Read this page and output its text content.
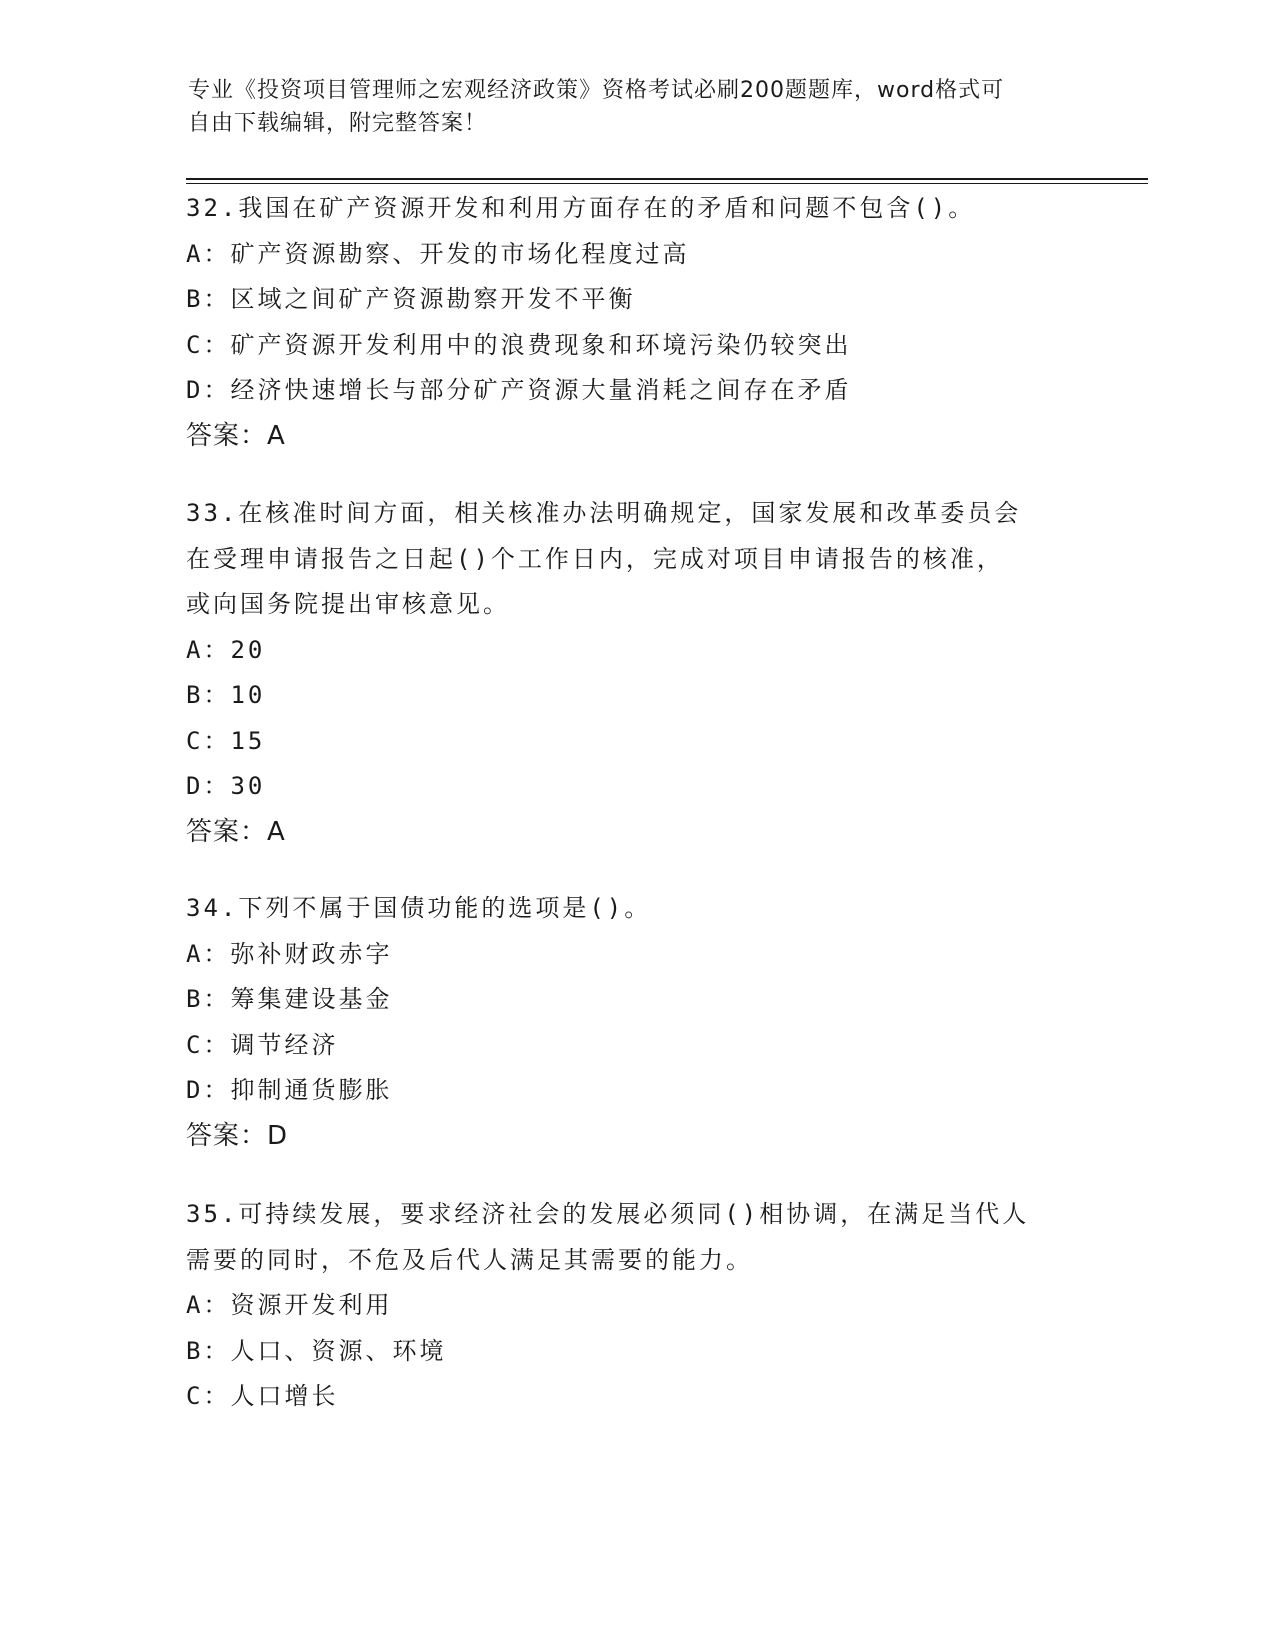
专业《投资项目管理师之宏观经济政策》资格考试必刷200题题库，word格式可
自由下载编辑，附完整答案！
32.我国在矿产资源开发和利用方面存在的矛盾和问题不包含()。
A：矿产资源勘察、开发的市场化程度过高
B：区域之间矿产资源勘察开发不平衡
C：矿产资源开发利用中的浪费现象和环境污染仍较突出
D：经济快速增长与部分矿产资源大量消耗之间存在矛盾
答案：A
33.在核准时间方面，相关核准办法明确规定，国家发展和改革委员会
在受理申请报告之日起()个工作日内，完成对项目申请报告的核准，
或向国务院提出审核意见。
A：20
B：10
C：15
D：30
答案：A
34.下列不属于国债功能的选项是()。
A：弥补财政赤字
B：筹集建设基金
C：调节经济
D：抑制通货膨胀
答案：D
35.可持续发展，要求经济社会的发展必须同()相协调，在满足当代人
需要的同时，不危及后代人满足其需要的能力。
A：资源开发利用
B：人口、资源、环境
C：人口增长
